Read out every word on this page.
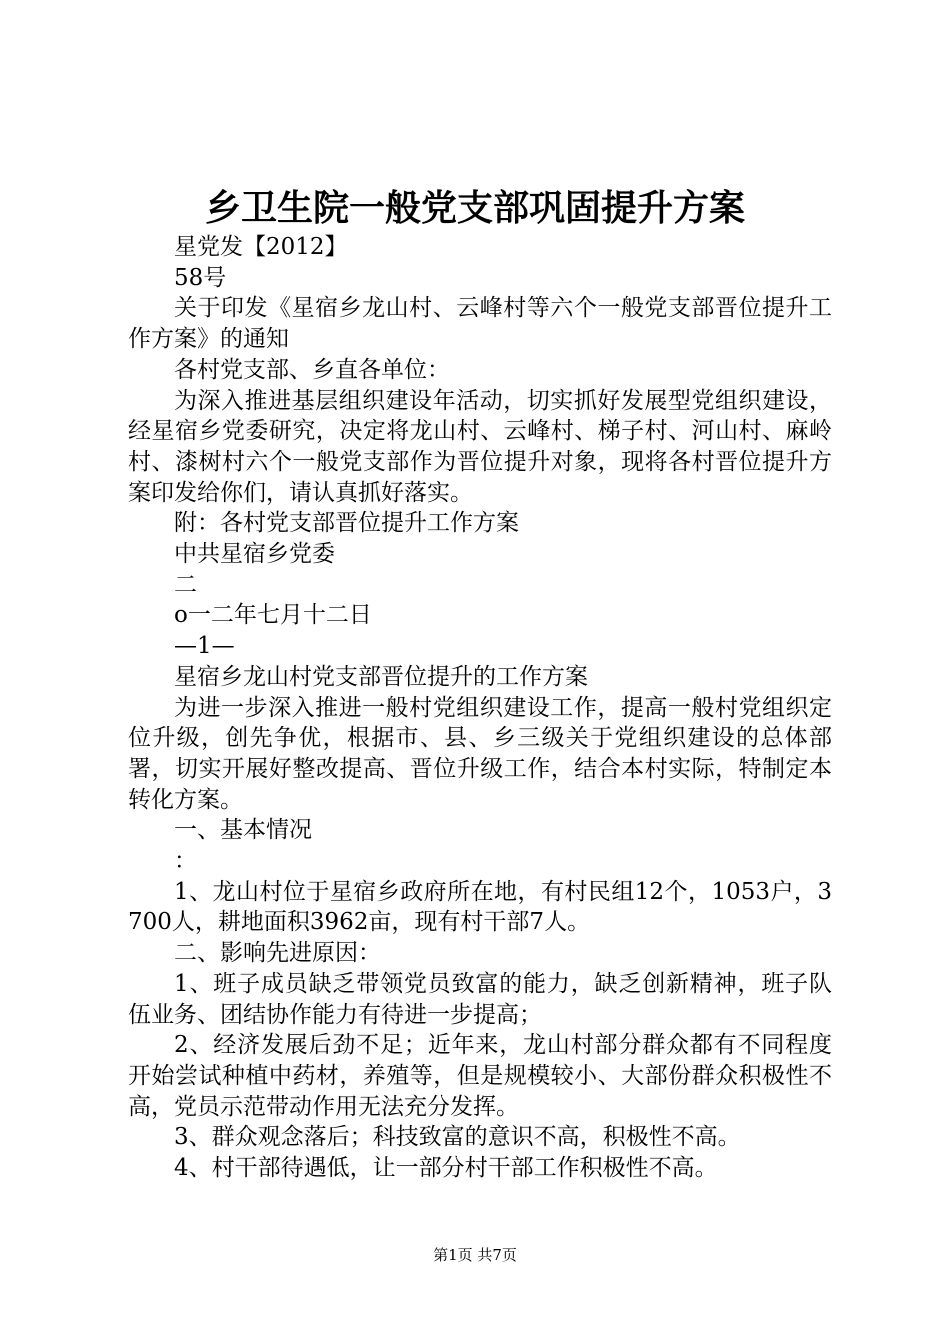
乡卫生院一般党支部巩固提升方案

星党发【2012】

58号

关于印发《星宿乡龙山村、云峰村等六个一般党支部晋位提升工作方案》的通知

各村党支部、乡直各单位：

为深入推进基层组织建设年活动，切实抓好发展型党组织建设，经星宿乡党委研究，决定将龙山村、云峰村、梯子村、河山村、麻岭村、漆树村六个一般党支部作为晋位提升对象，现将各村晋位提升方案印发给你们，请认真抓好落实。

附：各村党支部晋位提升工作方案

中共星宿乡党委

二

o一二年七月十二日

—1—

星宿乡龙山村党支部晋位提升的工作方案

为进一步深入推进一般村党组织建设工作，提高一般村党组织定位升级，创先争优，根据市、县、乡三级关于党组织建设的总体部署，切实开展好整改提高、晋位升级工作，结合本村实际，特制定本转化方案。

一、基本情况

：

1、龙山村位于星宿乡政府所在地，有村民组12个，1053户，3700人，耕地面积3962亩，现有村干部7人。

二、影响先进原因：

1、班子成员缺乏带领党员致富的能力，缺乏创新精神，班子队伍业务、团结协作能力有待进一步提高；

2、经济发展后劲不足；近年来，龙山村部分群众都有不同程度开始尝试种植中药材，养殖等，但是规模较小、大部份群众积极性不高，党员示范带动作用无法充分发挥。

3、群众观念落后；科技致富的意识不高，积极性不高。

4、村干部待遇低，让一部分村干部工作积极性不高。

第1页 共7页
